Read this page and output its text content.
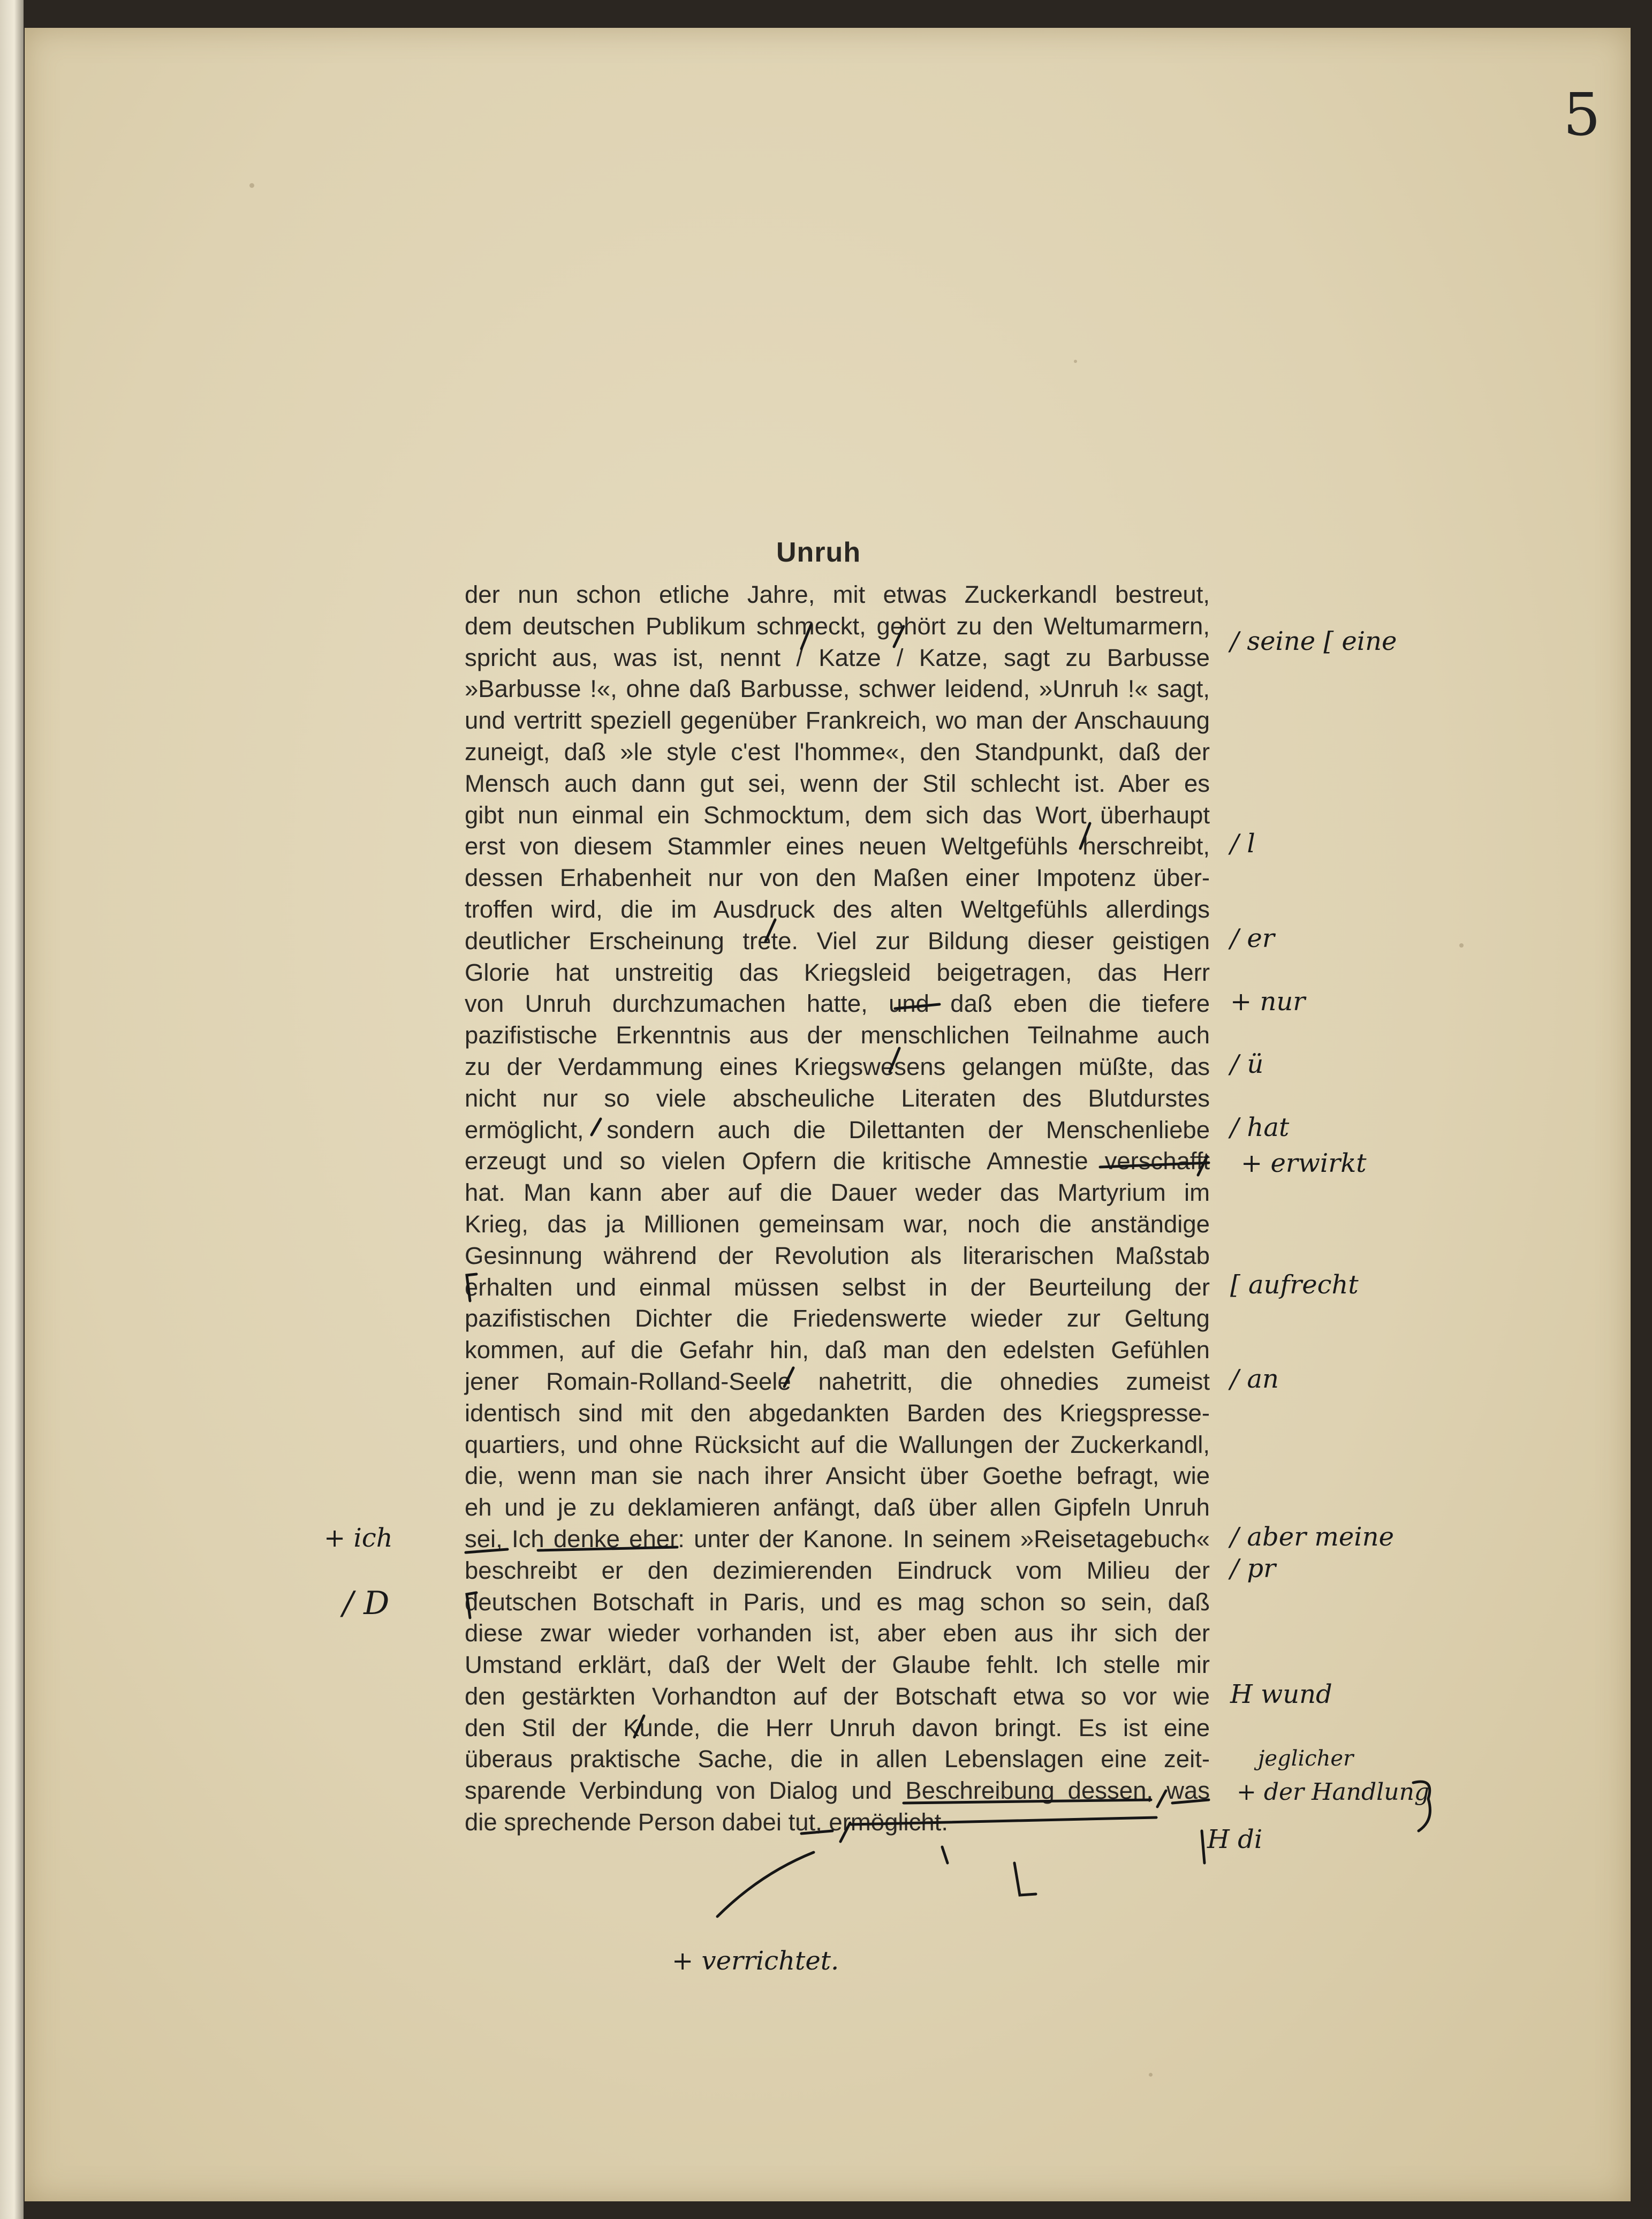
5
Unruh
der nun schon etliche Jahre, mit etwas Zuckerkandl bestreut,
dem deutschen Publikum schmeckt, gehört zu den Weltumarmern,
spricht aus, was ist, nennt / Katze / Katze, sagt zu Barbusse
»Barbusse !«, ohne daß Barbusse, schwer leidend, »Unruh !« sagt,
und vertritt speziell gegenüber Frankreich, wo man der Anschauung
zuneigt, daß »le style c'est l'homme«, den Standpunkt, daß der
Mensch auch dann gut sei, wenn der Stil schlecht ist. Aber es
gibt nun einmal ein Schmocktum, dem sich das Wort überhaupt
erst von diesem Stammler eines neuen Weltgefühls herschreibt,
dessen Erhabenheit nur von den Maßen einer Impotenz über-
troffen wird, die im Ausdruck des alten Weltgefühls allerdings
deutlicher Erscheinung trete. Viel zur Bildung dieser geistigen
Glorie hat unstreitig das Kriegsleid beigetragen, das Herr
von Unruh durchzumachen hatte, und daß eben die tiefere
pazifistische Erkenntnis aus der menschlichen Teilnahme auch
zu der Verdammung eines Kriegswesens gelangen müßte, das
nicht nur so viele abscheuliche Literaten des Blutdurstes
ermöglicht, sondern auch die Dilettanten der Menschenliebe
erzeugt und so vielen Opfern die kritische Amnestie verschafft
hat. Man kann aber auf die Dauer weder das Martyrium im
Krieg, das ja Millionen gemeinsam war, noch die anständige
Gesinnung während der Revolution als literarischen Maßstab
erhalten und einmal müssen selbst in der Beurteilung der
pazifistischen Dichter die Friedenswerte wieder zur Geltung
kommen, auf die Gefahr hin, daß man den edelsten Gefühlen
jener Romain-Rolland-Seele nahetritt, die ohnedies zumeist
identisch sind mit den abgedankten Barden des Kriegspresse-
quartiers, und ohne Rücksicht auf die Wallungen der Zuckerkandl,
die, wenn man sie nach ihrer Ansicht über Goethe befragt, wie
eh und je zu deklamieren anfängt, daß über allen Gipfeln Unruh
sei, Ich denke eher: unter der Kanone. In seinem »Reisetagebuch«
beschreibt er den dezimierenden Eindruck vom Milieu der
deutschen Botschaft in Paris, und es mag schon so sein, daß
diese zwar wieder vorhanden ist, aber eben aus ihr sich der
Umstand erklärt, daß der Welt der Glaube fehlt. Ich stelle mir
den gestärkten Vorhandton auf der Botschaft etwa so vor wie
den Stil der Kunde, die Herr Unruh davon bringt. Es ist eine
überaus praktische Sache, die in allen Lebenslagen eine zeit-
sparende Verbindung von Dialog und Beschreibung dessen, was
die sprechende Person dabei tut, ermöglicht.
/ seine [ eine
/ l
/ er
+ nur
/ ü
/ hat
+ erwirkt
[ aufrecht
/ an
/ aber meine
/ pr
H wund
jeglicher
+ der Handlung
H di
+ ich
/ D
+ verrichtet.
